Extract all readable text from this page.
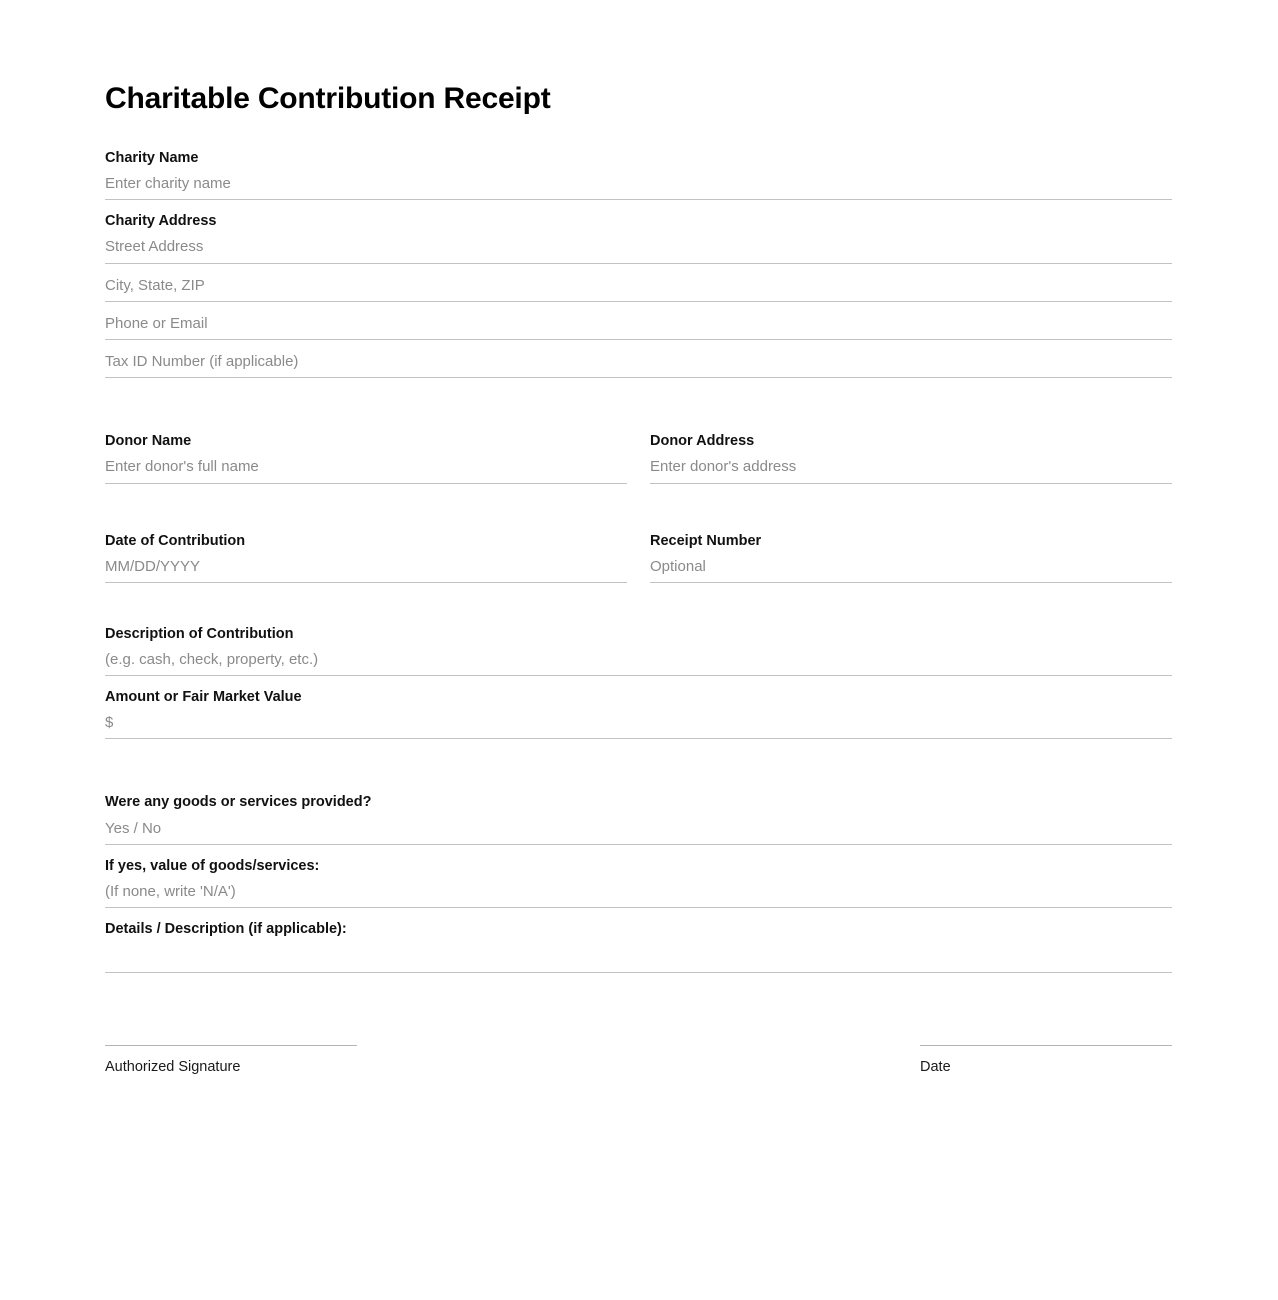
Charitable Contribution Receipt
Charity Name
Enter charity name
Charity Address
Street Address
City, State, ZIP
Phone or Email
Tax ID Number (if applicable)
Donor Name
Enter donor's full name
Donor Address
Enter donor's address
Date of Contribution
MM/DD/YYYY
Receipt Number
Optional
Description of Contribution
(e.g. cash, check, property, etc.)
Amount or Fair Market Value
$
Were any goods or services provided?
Yes / No
If yes, value of goods/services:
(If none, write 'N/A')
Details / Description (if applicable):
Authorized Signature	Date
